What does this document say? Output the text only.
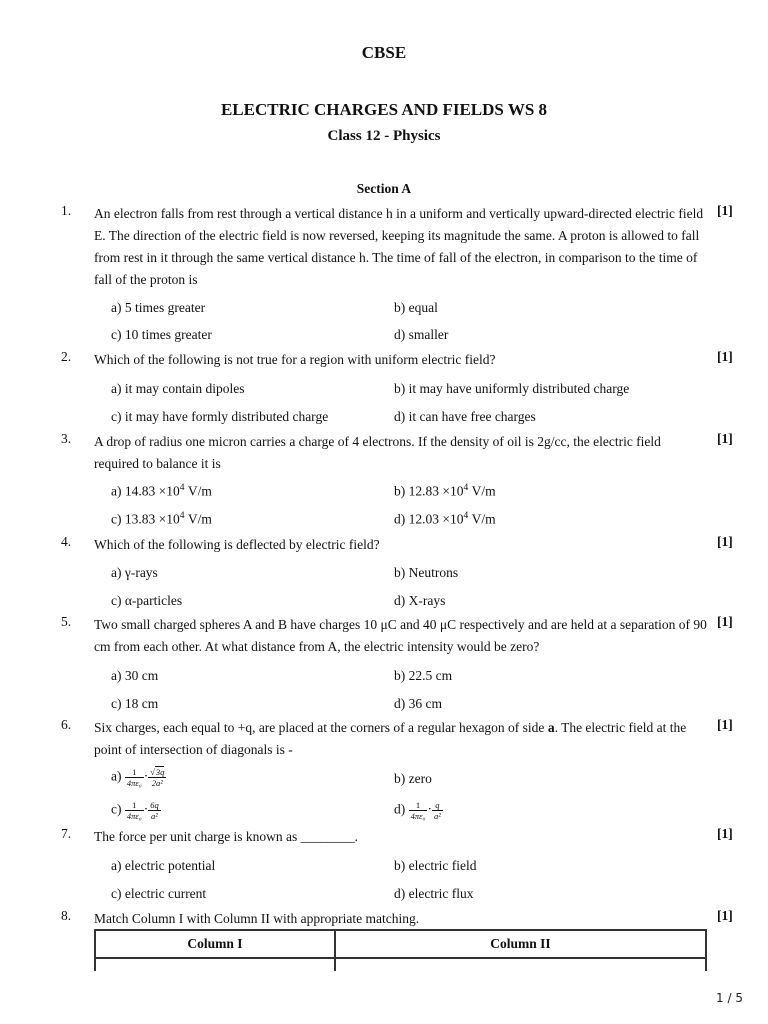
CBSE
ELECTRIC CHARGES AND FIELDS WS 8
Class 12 - Physics
Section A
1. An electron falls from rest through a vertical distance h in a uniform and vertically upward-directed electric field E. The direction of the electric field is now reversed, keeping its magnitude the same. A proton is allowed to fall from rest in it through the same vertical distance h. The time of fall of the electron, in comparison to the time of fall of the proton is
[1]
a) 5 times greater	b) equal
c) 10 times greater	d) smaller
2. Which of the following is not true for a region with uniform electric field?	[1]
a) it may contain dipoles	b) it may have uniformly distributed charge
c) it may have formly distributed charge	d) it can have free charges
3. A drop of radius one micron carries a charge of 4 electrons. If the density of oil is 2g/cc, the electric field required to balance it is
[1]
a) $14.83 \times 10^4$ V/m	b) $12.83 \times 10^4$ V/m
c) $13.83 \times 10^4$ V/m	d) $12.03 \times 10^4$ V/m
4. Which of the following is deflected by electric field?	[1]
a) γ-rays	b) Neutrons
c) α-particles	d) X-rays
5. Two small charged spheres A and B have charges 10 μC and 40 μC respectively and are held at a separation of 90 cm from each other. At what distance from A, the electric intensity would be zero?
[1]
a) 30 cm	b) 22.5 cm
c) 18 cm	d) 36 cm
6. Six charges, each equal to +q, are placed at the corners of a regular hexagon of side a. The electric field at the point of intersection of diagonals is -
[1]
$a) \frac{1}{\text{4πε₀}} \cdot \frac{√3q}{\text{2a²}}$	b) zero
$c) \frac{1}{\text{4πε₀}} \cdot \frac{6q}{\text{a²}}$	$d) \frac{1}{\text{4πε₀}} \cdot \frac{q}{\text{a²}}$
7. The force per unit charge is known as ________.	[1]
a) electric potential	b) electric field
c) electric current	d) electric flux
8. Match Column I with Column II with appropriate matching.	[1]
Column I	Column II

1 / 5
